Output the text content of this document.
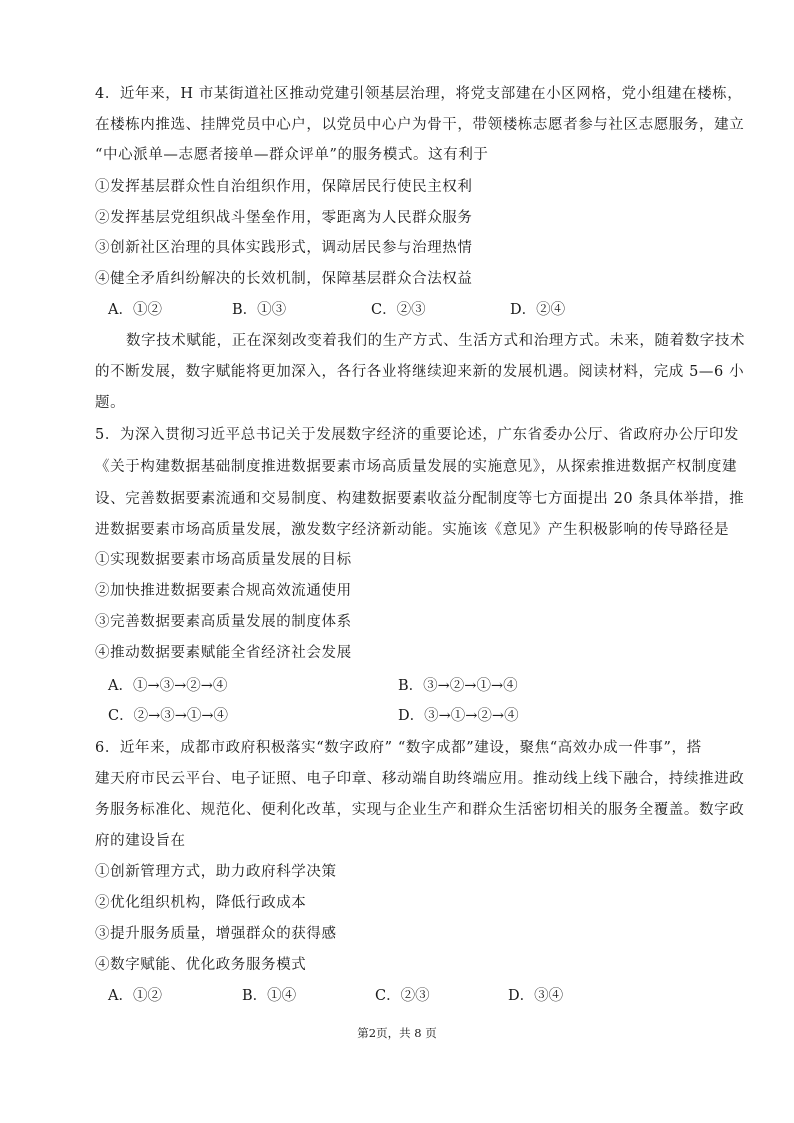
4．近年来，H 市某街道社区推动党建引领基层治理，将党支部建在小区网格，党小组建在楼栋，
在楼栋内推选、挂牌党员中心户，以党员中心户为骨干，带领楼栋志愿者参与社区志愿服务，建立
“中心派单—志愿者接单—群众评单”的服务模式。这有利于
①发挥基层群众性自治组织作用，保障居民行使民主权利
②发挥基层党组织战斗堡垒作用，零距离为人民群众服务
③创新社区治理的具体实践形式，调动居民参与治理热情
④健全矛盾纠纷解决的长效机制，保障基层群众合法权益
A．①②	B．①③	C．②③	D．②④
数字技术赋能，正在深刻改变着我们的生产方式、生活方式和治理方式。未来，随着数字技术
的不断发展，数字赋能将更加深入，各行各业将继续迎来新的发展机遇。阅读材料，完成 5—6 小
题。
5．为深入贯彻习近平总书记关于发展数字经济的重要论述，广东省委办公厅、省政府办公厅印发
《关于构建数据基础制度推进数据要素市场高质量发展的实施意见》，从探索推进数据产权制度建
设、完善数据要素流通和交易制度、构建数据要素收益分配制度等七方面提出 20 条具体举措，推
进数据要素市场高质量发展，激发数字经济新动能。实施该《意见》产生积极影响的传导路径是
①实现数据要素市场高质量发展的目标
②加快推进数据要素合规高效流通使用
③完善数据要素高质量发展的制度体系
④推动数据要素赋能全省经济社会发展
A．①→③→②→④	B．③→②→①→④
C．②→③→①→④	D．③→①→②→④
6．近年来，成都市政府积极落实“数字政府” “数字成都”建设，聚焦“高效办成一件事”，搭
建天府市民云平台、电子证照、电子印章、移动端自助终端应用。推动线上线下融合，持续推进政
务服务标准化、规范化、便利化改革，实现与企业生产和群众生活密切相关的服务全覆盖。数字政
府的建设旨在
①创新管理方式，助力政府科学决策
②优化组织机构，降低行政成本
③提升服务质量，增强群众的获得感
④数字赋能、优化政务服务模式
A．①②	B．①④	C．②③	D．③④
第2页，共 8 页
